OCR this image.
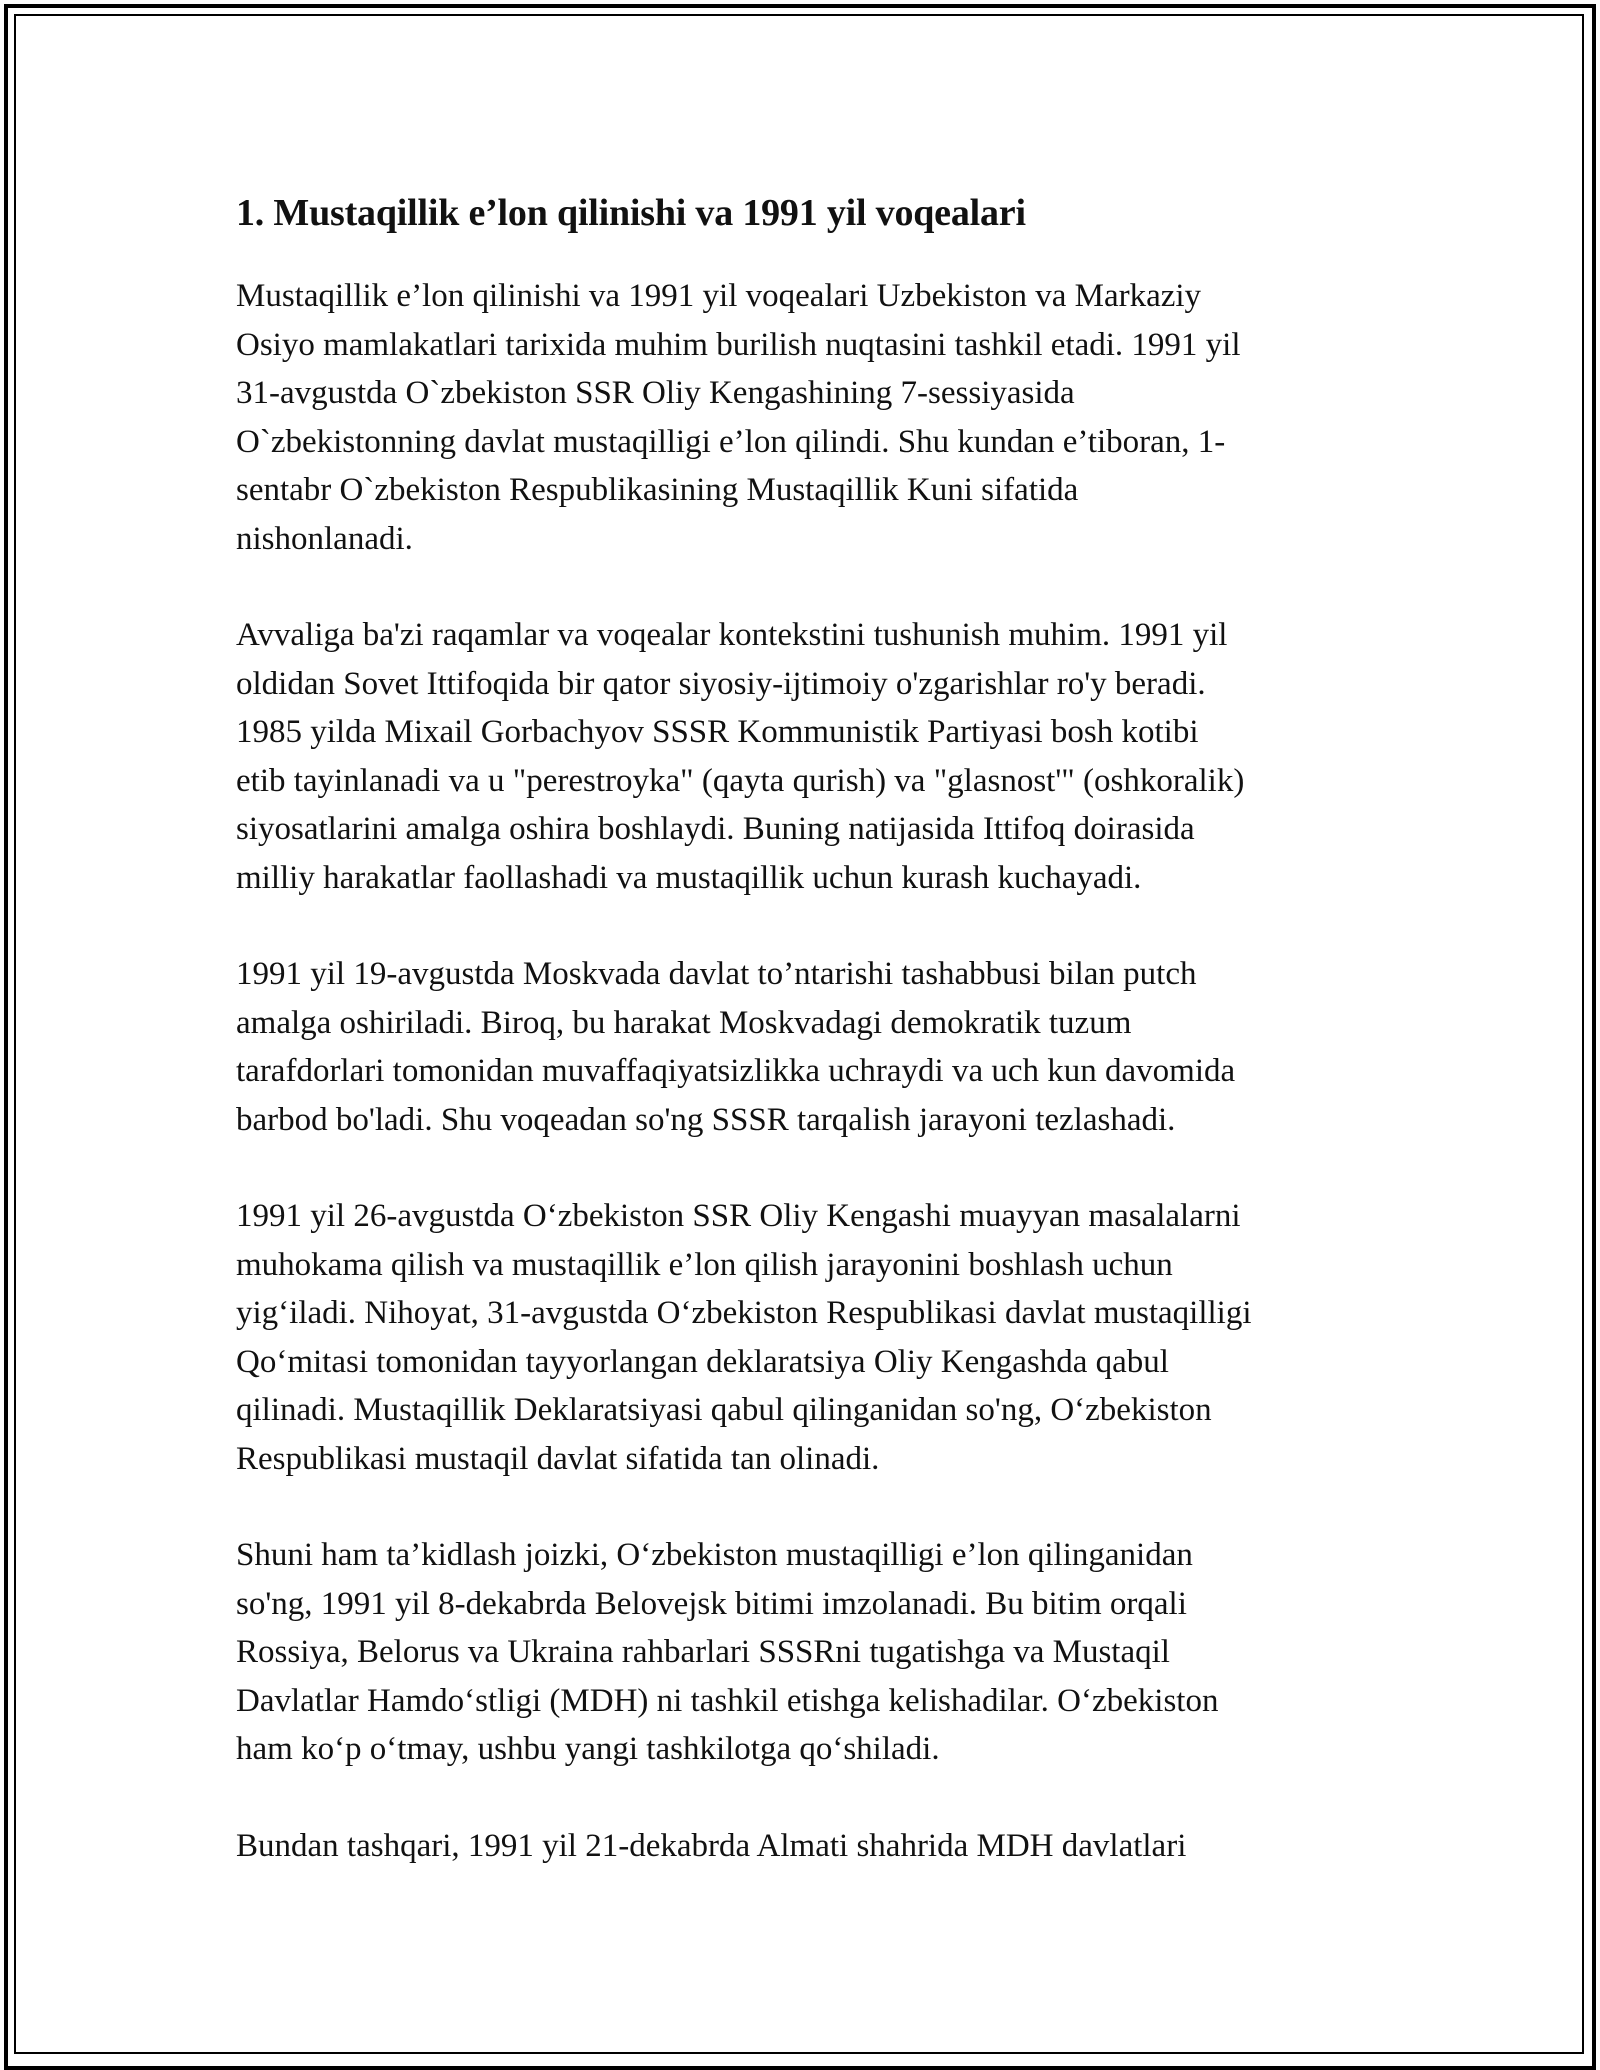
1. Mustaqillik e’lon qilinishi va 1991 yil voqealari

Mustaqillik e’lon qilinishi va 1991 yil voqealari Uzbekiston va Markaziy
Osiyo mamlakatlari tarixida muhim burilish nuqtasini tashkil etadi. 1991 yil
31-avgustda O`zbekiston SSR Oliy Kengashining 7-sessiyasida
O`zbekistonning davlat mustaqilligi e’lon qilindi. Shu kundan e’tiboran, 1-
sentabr O`zbekiston Respublikasining Mustaqillik Kuni sifatida
nishonlanadi.

Avvaliga ba'zi raqamlar va voqealar kontekstini tushunish muhim. 1991 yil
oldidan Sovet Ittifoqida bir qator siyosiy-ijtimoiy o'zgarishlar ro'y beradi.
1985 yilda Mixail Gorbachyov SSSR Kommunistik Partiyasi bosh kotibi
etib tayinlanadi va u "perestroyka" (qayta qurish) va "glasnost'" (oshkoralik)
siyosatlarini amalga oshira boshlaydi. Buning natijasida Ittifoq doirasida
milliy harakatlar faollashadi va mustaqillik uchun kurash kuchayadi.

1991 yil 19-avgustda Moskvada davlat to’ntarishi tashabbusi bilan putch
amalga oshiriladi. Biroq, bu harakat Moskvadagi demokratik tuzum
tarafdorlari tomonidan muvaffaqiyatsizlikka uchraydi va uch kun davomida
barbod bo'ladi. Shu voqeadan so'ng SSSR tarqalish jarayoni tezlashadi.

1991 yil 26-avgustda O‘zbekiston SSR Oliy Kengashi muayyan masalalarni
muhokama qilish va mustaqillik e’lon qilish jarayonini boshlash uchun
yig‘iladi. Nihoyat, 31-avgustda O‘zbekiston Respublikasi davlat mustaqilligi
Qo‘mitasi tomonidan tayyorlangan deklaratsiya Oliy Kengashda qabul
qilinadi. Mustaqillik Deklaratsiyasi qabul qilinganidan so'ng, O‘zbekiston
Respublikasi mustaqil davlat sifatida tan olinadi.

Shuni ham ta’kidlash joizki, O‘zbekiston mustaqilligi e’lon qilinganidan
so'ng, 1991 yil 8-dekabrda Belovejsk bitimi imzolanadi. Bu bitim orqali
Rossiya, Belorus va Ukraina rahbarlari SSSRni tugatishga va Mustaqil
Davlatlar Hamdo‘stligi (MDH) ni tashkil etishga kelishadilar. O‘zbekiston
ham ko‘p o‘tmay, ushbu yangi tashkilotga qo‘shiladi.

Bundan tashqari, 1991 yil 21-dekabrda Almati shahrida MDH davlatlari
